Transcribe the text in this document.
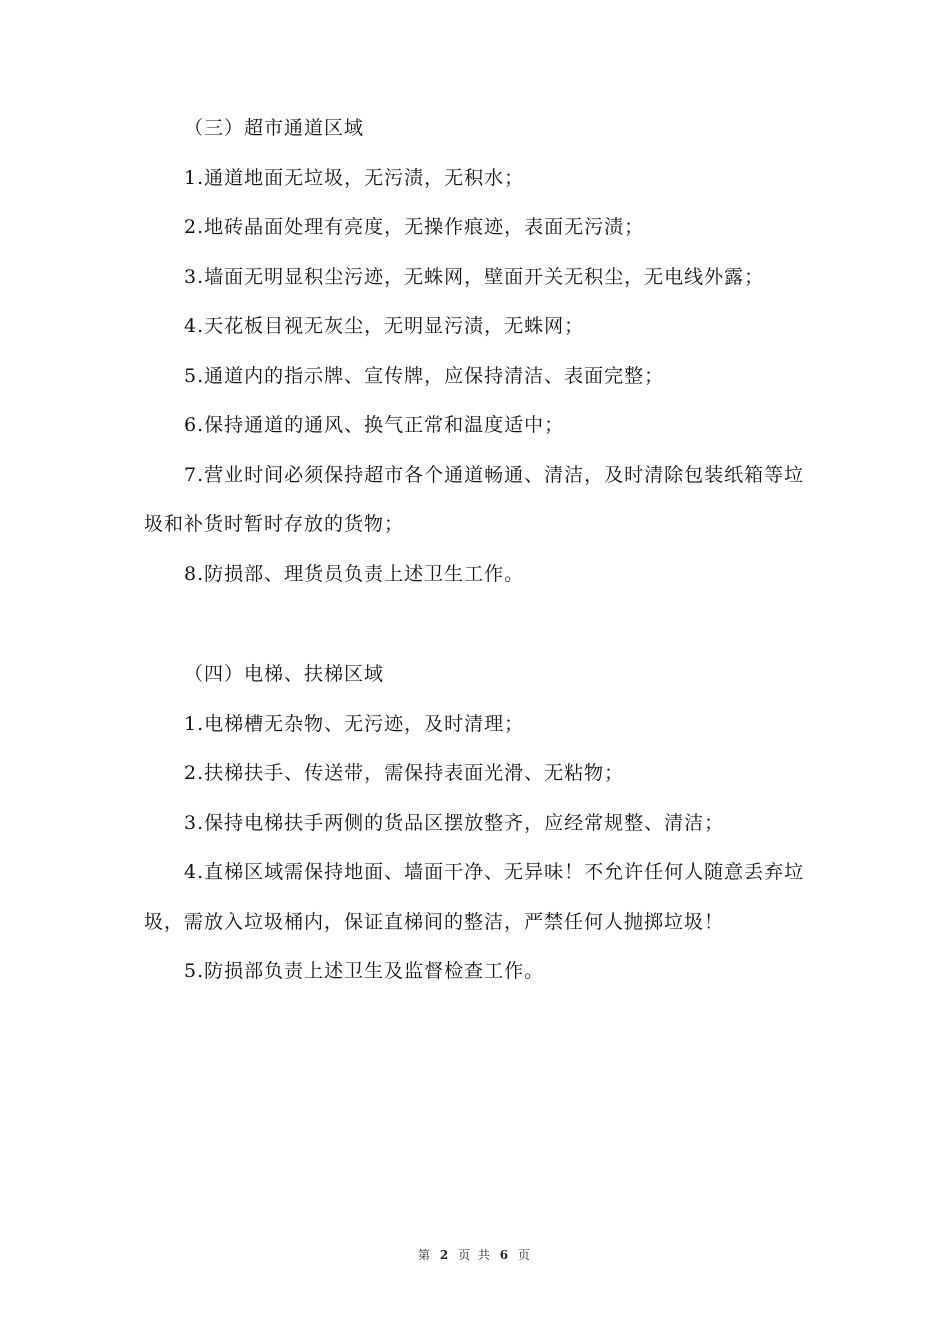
（三）超市通道区域

1.通道地面无垃圾，无污渍，无积水；

2.地砖晶面处理有亮度，无操作痕迹，表面无污渍；

3.墙面无明显积尘污迹，无蛛网，壁面开关无积尘，无电线外露；

4.天花板目视无灰尘，无明显污渍，无蛛网；

5.通道内的指示牌、宣传牌，应保持清洁、表面完整；

6.保持通道的通风、换气正常和温度适中；

7.营业时间必须保持超市各个通道畅通、清洁，及时清除包装纸箱等垃圾和补货时暂时存放的货物；

8.防损部、理货员负责上述卫生工作。

（四）电梯、扶梯区域

1.电梯槽无杂物、无污迹，及时清理；

2.扶梯扶手、传送带，需保持表面光滑、无粘物；

3.保持电梯扶手两侧的货品区摆放整齐，应经常规整、清洁；

4.直梯区域需保持地面、墙面干净、无异味！不允许任何人随意丢弃垃圾，需放入垃圾桶内，保证直梯间的整洁，严禁任何人抛掷垃圾！

5.防损部负责上述卫生及监督检查工作。

第 2 页 共 6 页
